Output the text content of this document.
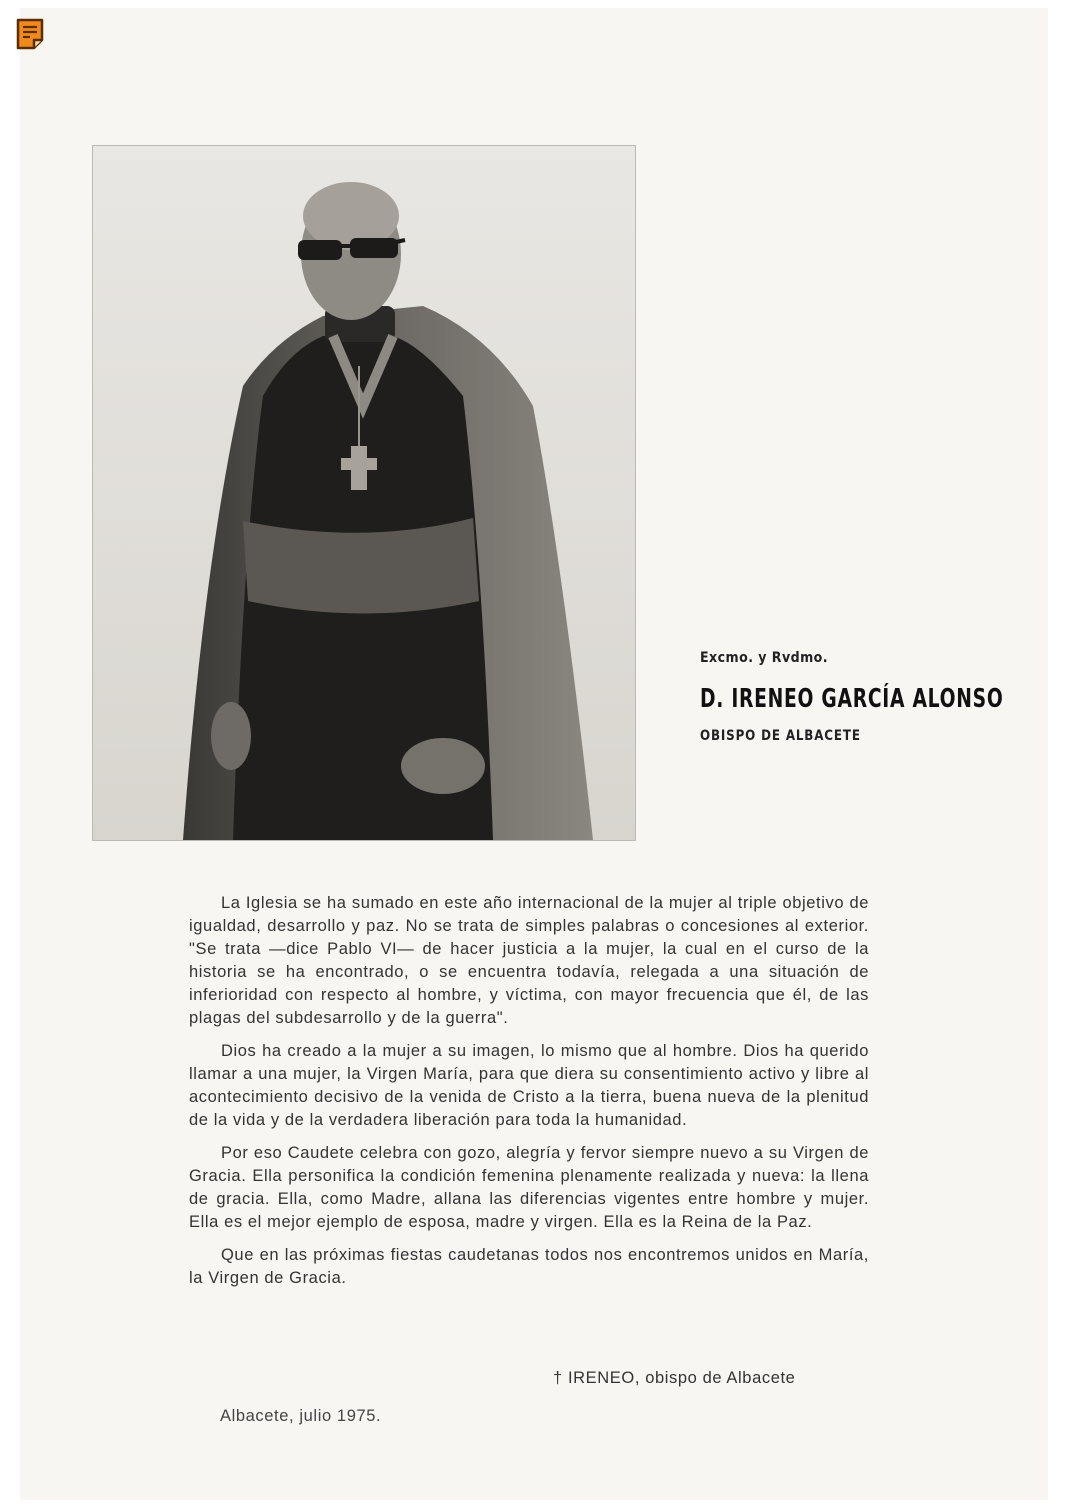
Excmo. y Rvdmo.
D. IRENEO GARCÍA ALONSO
OBISPO DE ALBACETE

La Iglesia se ha sumado en este año internacional de la mujer al triple objetivo de igualdad, desarrollo y paz. No se trata de simples palabras o concesiones al exterior. "Se trata —dice Pablo VI— de hacer justicia a la mujer, la cual en el curso de la historia se ha encontrado, o se encuentra todavía, relegada a una situación de inferioridad con respecto al hombre, y víctima, con mayor frecuencia que él, de las plagas del subdesarrollo y de la guerra".

Dios ha creado a la mujer a su imagen, lo mismo que al hombre. Dios ha querido llamar a una mujer, la Virgen María, para que diera su consentimiento activo y libre al acontecimiento decisivo de la venida de Cristo a la tierra, buena nueva de la plenitud de la vida y de la verdadera liberación para toda la humanidad.

Por eso Caudete celebra con gozo, alegría y fervor siempre nuevo a su Virgen de Gracia. Ella personifica la condición femenina plenamente realizada y nueva: la llena de gracia. Ella, como Madre, allana las diferencias vigentes entre hombre y mujer. Ella es el mejor ejemplo de esposa, madre y virgen. Ella es la Reina de la Paz.

Que en las próximas fiestas caudetanas todos nos encontremos unidos en María, la Virgen de Gracia.

† IRENEO, obispo de Albacete
Albacete, julio 1975.
